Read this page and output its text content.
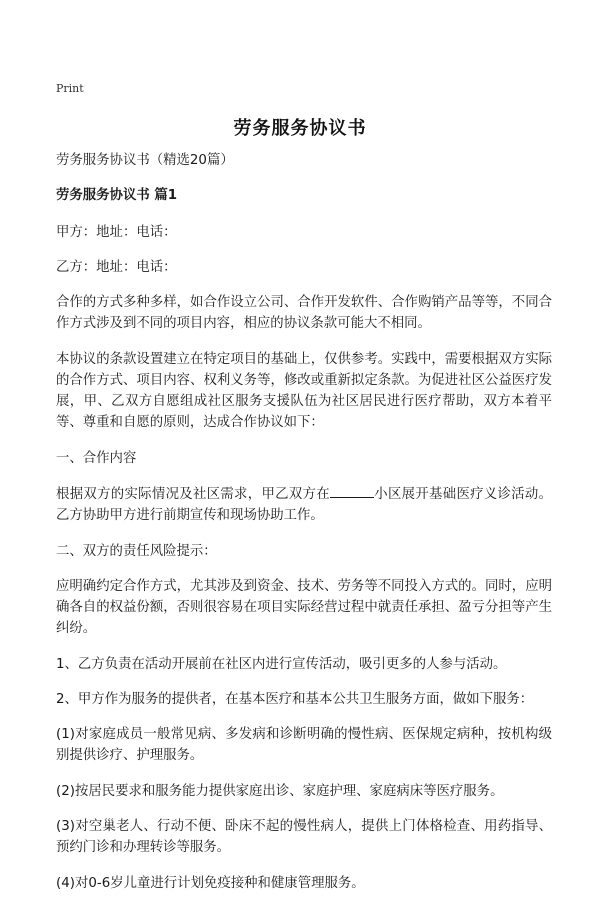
Print
劳务服务协议书

劳务服务协议书（精选20篇）

劳务服务协议书 篇1

甲方：地址：电话：

乙方：地址：电话：

合作的方式多种多样，如合作设立公司、合作开发软件、合作购销产品等等，不同合作方式涉及到不同的项目内容，相应的协议条款可能大不相同。

本协议的条款设置建立在特定项目的基础上，仅供参考。实践中，需要根据双方实际的合作方式、项目内容、权利义务等，修改或重新拟定条款。为促进社区公益医疗发展，甲、乙双方自愿组成社区服务支援队伍为社区居民进行医疗帮助，双方本着平等、尊重和自愿的原则，达成合作协议如下：

一、合作内容

根据双方的实际情况及社区需求，甲乙双方在	小区展开基础医疗义诊活动。乙方协助甲方进行前期宣传和现场协助工作。

二、双方的责任风险提示：

应明确约定合作方式，尤其涉及到资金、技术、劳务等不同投入方式的。同时，应明确各自的权益份额，否则很容易在项目实际经营过程中就责任承担、盈亏分担等产生纠纷。

1、乙方负责在活动开展前在社区内进行宣传活动，吸引更多的人参与活动。

2、甲方作为服务的提供者，在基本医疗和基本公共卫生服务方面，做如下服务：

(1)对家庭成员一般常见病、多发病和诊断明确的慢性病、医保规定病种，按机构级别提供诊疗、护理服务。

(2)按居民要求和服务能力提供家庭出诊、家庭护理、家庭病床等医疗服务。

(3)对空巢老人、行动不便、卧床不起的慢性病人，提供上门体格检查、用药指导、预约门诊和办理转诊等服务。

(4)对0-6岁儿童进行计划免疫接种和健康管理服务。
